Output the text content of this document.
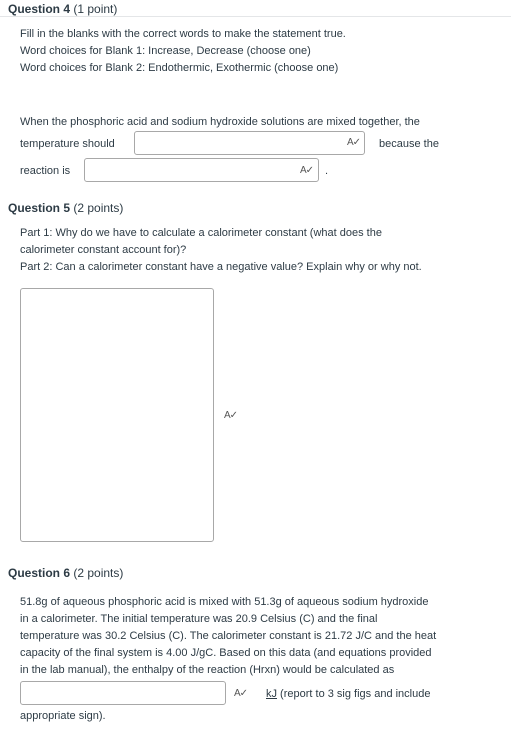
Question 4 (1 point)
Fill in the blanks with the correct words to make the statement true.
Word choices for Blank 1: Increase, Decrease (choose one)
Word choices for Blank 2: Endothermic, Exothermic (choose one)
When the phosphoric acid and sodium hydroxide solutions are mixed together, the
temperature should	A✓ because the
reaction is	A✓ .
Question 5 (2 points)
Part 1: Why do we have to calculate a calorimeter constant (what does the
calorimeter constant account for)?
Part 2: Can a calorimeter constant have a negative value? Explain why or why not.
A✓
Question 6 (2 points)
51.8g of aqueous phosphoric acid is mixed with 51.3g of aqueous sodium hydroxide
in a calorimeter. The initial temperature was 20.9 Celsius (C) and the final
temperature was 30.2 Celsius (C). The calorimeter constant is 21.72 J/C and the heat
capacity of the final system is 4.00 J/gC. Based on this data (and equations provided
in the lab manual), the enthalpy of the reaction (Hrxn) would be calculated as
A✓ kJ (report to 3 sig figs and include
appropriate sign).
